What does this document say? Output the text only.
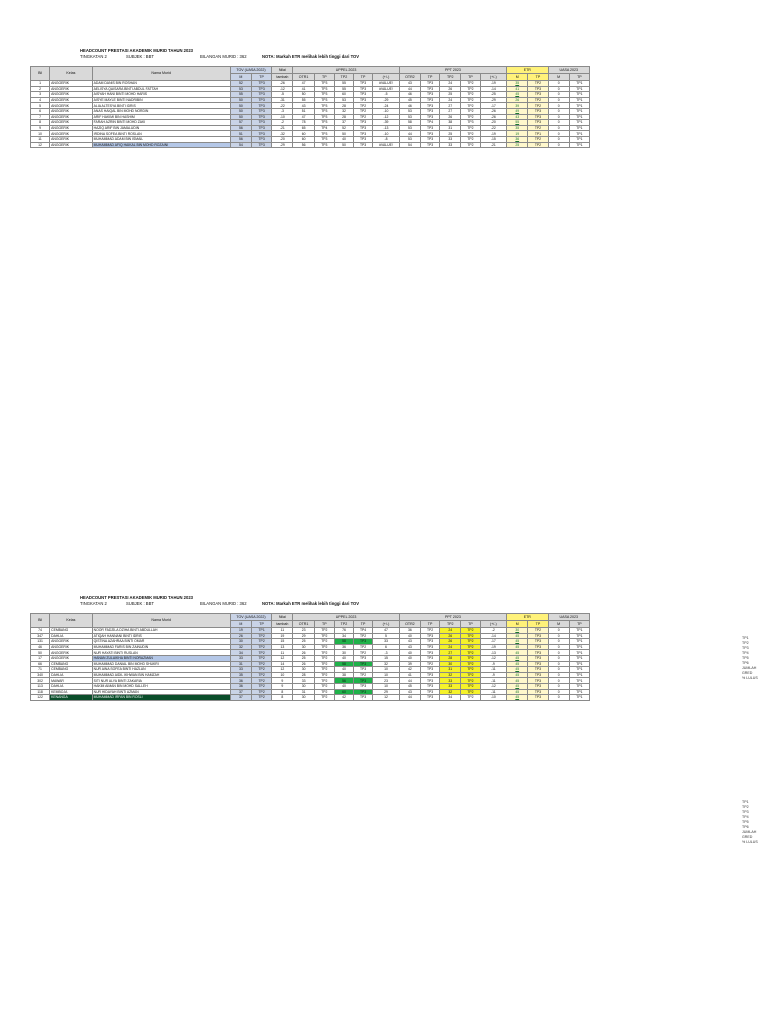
HEADCOUNT PRESTASI AKADEMIK MURID TAHUN 2023
TINGKATAN 2	SUBJEK : BBT	BILANGAN MURID : 362	NOTA: Markah ETR melihak lebih tinggi dari TOV
Bil	Kelas	Nama Murid	TOV (UASA 2022)		Nilai	UPPEL 2023					PPT 2023					ETR		UASA 2023	
			M	TP	tambah	OTR1	TP	TP2	TP	(+/-)	OTR2	TP	TP2	TP	(+/-)	M	TP	M	TP
1	ANGGERIK	ADAM DANIS BIN ROSHAN	52	TP3	-26	47	TP3	55	TP3	#VALUE!	43	TP3	24	TP2	-19	35	TP2	0	TP1
2	ANGGERIK	AELISYA QAISARA BINTI ABDUL FATTAH	53	TP3	-12	41	TP3	55	TP3	#VALUE!	44	TP3	26	TP2	-14	41	TP3	0	TP1
3	ANGGERIK	AISYAH HANI BINTI MOHD HARIS	55	TP3	-5	50	TP3	60	TP3	-5	46	TP3	25	TP2	-25	45	TP3	0	TP1
4	ANGGERIK	AISYE MAYLE BINTI NADRIBIN	50	TP3	-31	55	TP3	53	TP3	-29	45	TP3	24	TP2	-29	26	TP2	0	TP1
5	ANGGERIK	ALIA ALTESYA BINTI IDRIS	50	TP3	-22	43	TP3	28	TP2	-24	46	TP3	27	TP2	-17	39	TP2	0	TP1
6	ANGGERIK	ANAS HAIQAL BIN MOHD NORDIN	50	TP3	-3	51	TP3	32	TP2	-10	53	TP3	27	TP2	-26	49	TP3	0	TP1
7	ANGGERIK	ARIF HAKIMI BIN HASHIM	50	TP3	-10	47	TP3	28	TP2	-12	53	TP3	26	TP2	-26	43	TP3	0	TP1
8	ANGGERIK	FARAH AZRIN BINTI MOHD ZAKI	57	TP3	-2	78	TP3	37	TP3	-39	58	TP4	38	TP3	-20	55	TP3	0	TP1
9	ANGGERIK	HAZIQ ARIF BIN JAMALUDIN	56	TP3	-21	65	TP4	52	TP3	-13	53	TP3	31	TP2	-22	35	TP2	0	TP1
10	ANGGERIK	IRDINA SOFEA BINTI ROSLAN	51	TP3	-32	60	TP3	50	TP3	-10	44	TP3	25	TP2	-19	19	TP1	0	TP1
11	ANGGERIK	MUHAMMAD ADAM BIN ISMAIL	56	TP3	-20	60	TP3	40	TP3	-8	53	TP3	33	TP2	-15	36	TP2	0	TP1
12	ANGGERIK	MUHAMMAD AFIQ HAIKAL BIN MOHD ROZAINI	54	TP3	-29	56	TP3	50	TP3	#VALUE!	54	TP3	33	TP2	-21	25	TP2	0	TP1
HEADCOUNT PRESTASI AKADEMIK MURID TAHUN 2023
TINGKATAN 2	SUBJEK : BBT	BILANGAN MURID : 362	NOTA: Markah ETR melihak lebih tinggi dari TOV
Bil	Kelas	Nama Murid	TOV (UASA 2022)		Nilai	UPPEL 2023					PPT 2023					ETR		UASA 2023	
			M	TP	tambah	OTR1	TP	TP2	TP	(+/-)	OTR2	TP	TP2	TP	(+/-)	M	TP	M	TP
74	CEMBANG	NOOR FADZILA DZIHA BINTI ABDULLAH	19	TP1	11	23	TP2	76	TP4	47	36	TP2	24	TP2	-2	30	TP2	0	TP1
347	DAHLIA	ATIQAH HANNANI BINTI IDRIS	26	TP2	19	29	TP2	34	TP2	5	40	TP3	26	TP2	-14	45	TP3	0	TP1
131	ANGGERIK	QISTINA AZAHRAA BINTI OMAR	30	TP2	15	25	TP2	58	TP3	33	43	TP3	26	TP2	-17	45	TP3	0	TP1
46	ANGGERIK	MUHAMMAD FARIS BIN ZAINUDIN	32	TP2	13	30	TP2	36	TP2	6	43	TP3	24	TP2	-19	45	TP3	0	TP1
50	ANGGERIK	NUR HAYATI BINTI RUSLAN	34	TP2	11	26	TP2	30	TP2	-3	40	TP3	27	TP2	-13	45	TP3	0	TP1
17	ANGGERIK	HANAN ZULAIKHA BINTI NORAZMAN	33	TP2	12	25	TP2	40	TP3	15	40	TP3	28	TP2	-12	45	TP3	0	TP1
66	CEMBANG	MUHAMMAD DANIAL BIN MOHD SHUKRI	31	TP2	14	26	TP2	58	TP3	32	39	TP2	30	TP2	-9	45	TP3	0	TP1
71	CEMBANG	NUR AINA SOFEA BINTI HAZLAN	33	TP2	12	30	TP2	40	TP3	10	42	TP3	31	TP2	-11	45	TP3	0	TP1
340	DAHLIA	MUHAMMAD AIDIL IKHWAN BIN HAMZAH	35	TP2	10	28	TP2	38	TP2	10	41	TP3	32	TP2	-9	45	TP3	0	TP1
302	MAWAR	SITI NUR ALYA BINTI ZAKARIA	36	TP2	9	33	TP2	56	TP3	23	44	TP3	33	TP2	-11	45	TP3	0	TP1
113	DAHLIA	HAKIM AIMAN BIN MOHD SALLEH	36	TP2	9	30	TP2	40	TP3	10	45	TP3	33	TP2	-12	45	TP3	0	TP1
118	KEMBOJA	NUR HIDAYAH BINTI AZMAN	37	TP2	8	31	TP2	60	TP3	29	43	TP3	32	TP2	-11	45	TP3	0	TP1
122	KENANGA	MUHAMMAD IRFAN BIN ROSLI	37	TP2	8	30	TP2	42	TP3	12	44	TP3	34	TP2	-10	45	TP3	0	TP1
TP1
TP2
TP3
TP4
TP5
TP6
JUMLAH
GRED
% LULUS
TP1
TP2
TP3
TP4
TP5
TP6
JUMLAH
GRED
% LULUS
